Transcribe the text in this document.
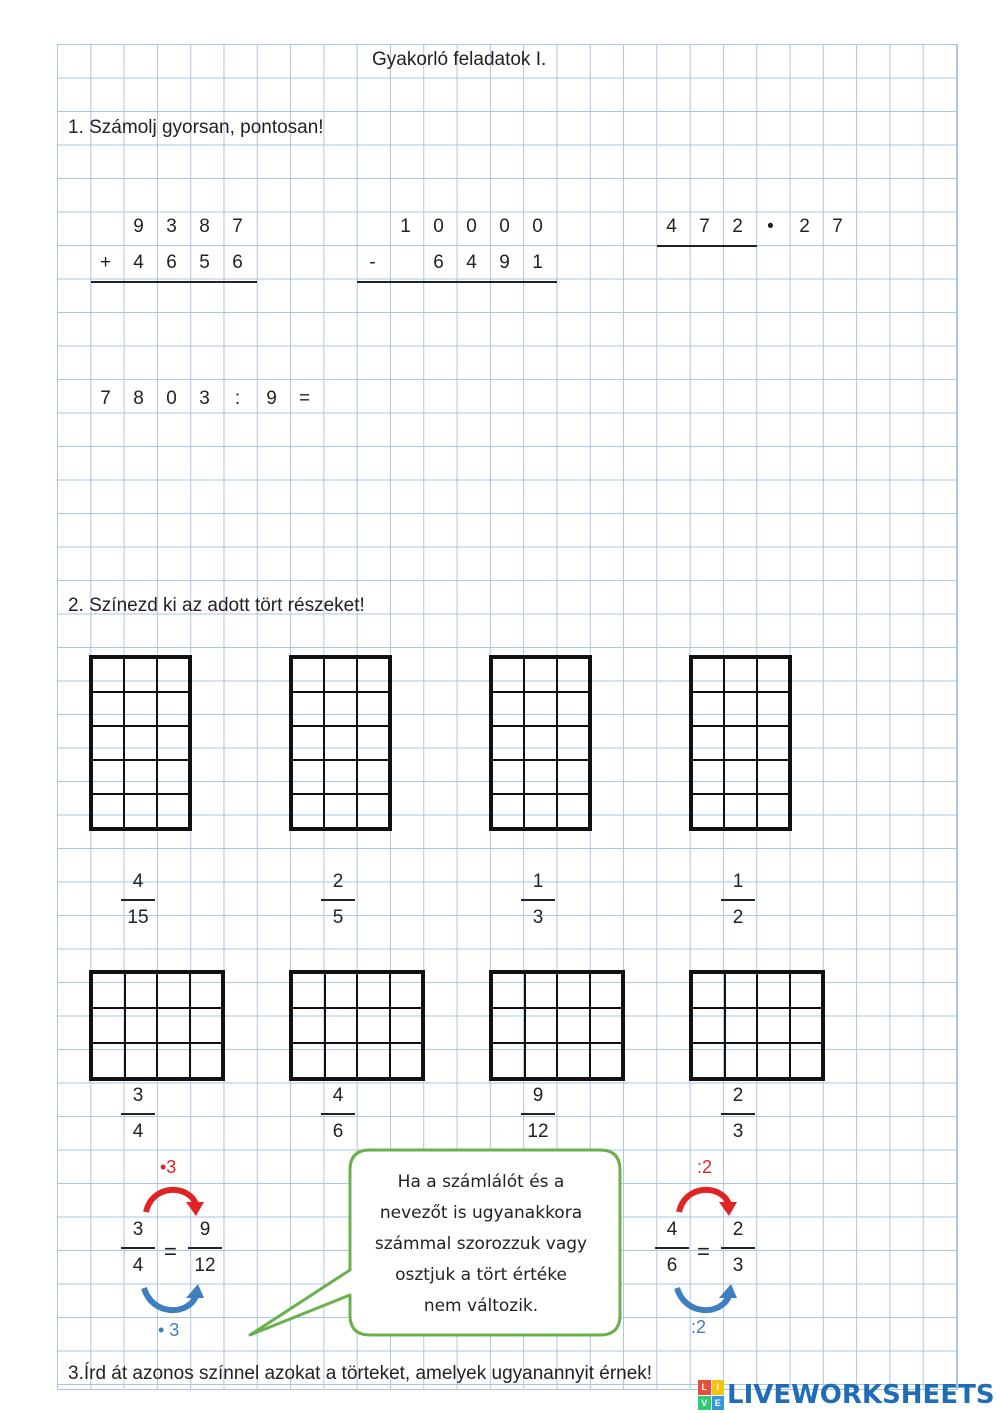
Gyakorló feladatok I.
1. Számolj gyorsan, pontosan!
9	3	8	7
+	4	6	5	6
1	0	0	0	0
-	6	4	9	1
4	7	2	•	2	7
7	8	0	3	:	9	=
2. Színezd ki az adott tört részeket!
4
15
2
5
1
3
1
2
3
4
4
6
9
12
2
3
•3
3
4
=
9
12
• 3
Ha a számlálót és a
nevezőt is ugyanakkora
számmal szorozzuk vagy
osztjuk a tört értéke
nem változik.
:2
4
6
=
2
3
:2
3.Írd át azonos színnel azokat a törteket, amelyek ugyanannyit érnek!
L	I
V E LIVEWORKSHEETS
